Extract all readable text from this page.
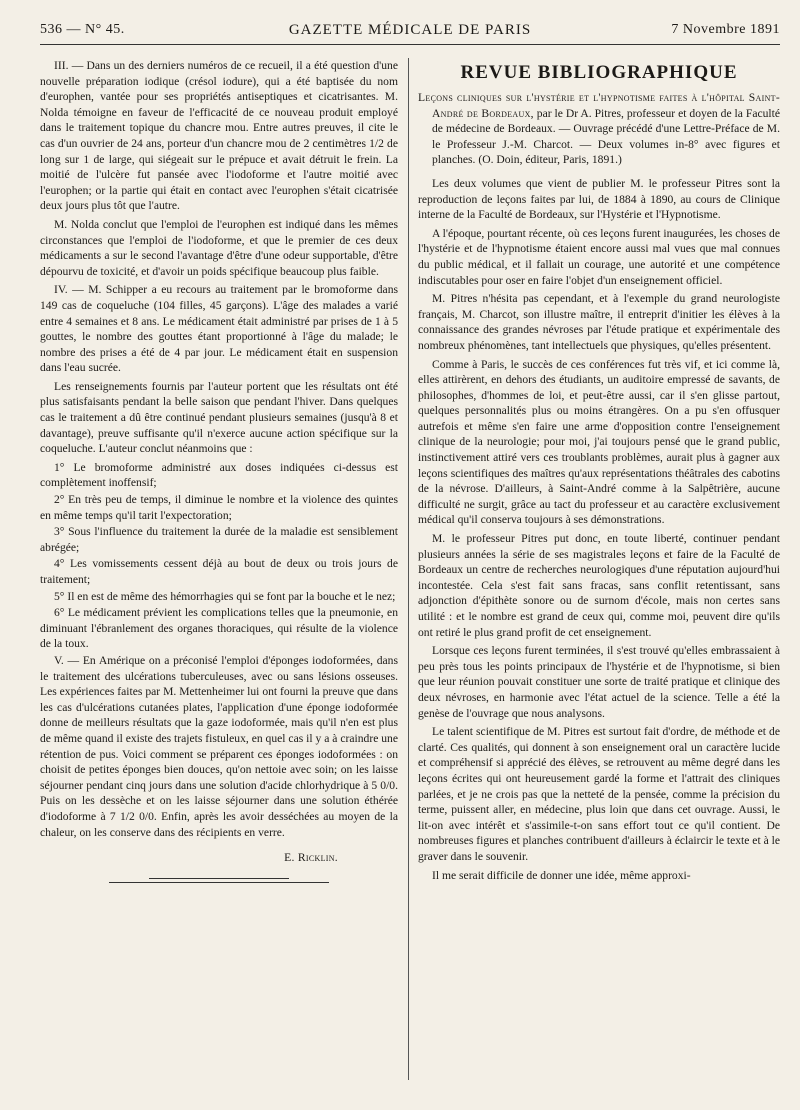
536 — N° 45.	GAZETTE MÉDICALE DE PARIS	7 Novembre 1891

III. — Dans un des derniers numéros de ce recueil, il a été question d'une nouvelle préparation iodique (crésol iodure), qui a été baptisée du nom d'europhen, vantée pour ses propriétés antiseptiques et cicatrisantes. M. Nolda témoigne en faveur de l'efficacité de ce nouveau produit employé dans le traitement topique du chancre mou. Entre autres preuves, il cite le cas d'un ouvrier de 24 ans, porteur d'un chancre mou de 2 centimètres 1/2 de long sur 1 de large, qui siégeait sur le prépuce et avait détruit le frein. La moitié de l'ulcère fut pansée avec l'iodoforme et l'autre moitié avec l'europhen; or la partie qui était en contact avec l'europhen s'était cicatrisée deux jours plus tôt que l'autre.

M. Nolda conclut que l'emploi de l'europhen est indiqué dans les mêmes circonstances que l'emploi de l'iodoforme, et que le premier de ces deux médicaments a sur le second l'avantage d'être d'une odeur supportable, d'être dépourvu de toxicité, et d'avoir un poids spécifique beaucoup plus faible.

IV. — M. Schipper a eu recours au traitement par le bromoforme dans 149 cas de coqueluche (104 filles, 45 garçons). L'âge des malades a varié entre 4 semaines et 8 ans. Le médicament était administré par prises de 1 à 5 gouttes, le nombre des gouttes étant proportionné à l'âge du malade; le nombre des prises a été de 4 par jour. Le médicament était en suspension dans l'eau sucrée.

Les renseignements fournis par l'auteur portent que les résultats ont été plus satisfaisants pendant la belle saison que pendant l'hiver. Dans quelques cas le traitement a dû être continué pendant plusieurs semaines (jusqu'à 8 et davantage), preuve suffisante qu'il n'exerce aucune action spécifique sur la coqueluche. L'auteur conclut néanmoins que :

1° Le bromoforme administré aux doses indiquées ci-dessus est complètement inoffensif;

2° En très peu de temps, il diminue le nombre et la violence des quintes en même temps qu'il tarit l'expectoration;

3° Sous l'influence du traitement la durée de la maladie est sensiblement abrégée;

4° Les vomissements cessent déjà au bout de deux ou trois jours de traitement;

5° Il en est de même des hémorrhagies qui se font par la bouche et le nez;

6° Le médicament prévient les complications telles que la pneumonie, en diminuant l'ébranlement des organes thoraciques, qui résulte de la violence de la toux.

V. — En Amérique on a préconisé l'emploi d'éponges iodoformées, dans le traitement des ulcérations tuberculeuses, avec ou sans lésions osseuses. Les expériences faites par M. Mettenheimer lui ont fourni la preuve que dans les cas d'ulcérations cutanées plates, l'application d'une éponge iodoformée donne de meilleurs résultats que la gaze iodoformée, mais qu'il n'en est plus de même quand il existe des trajets fistuleux, en quel cas il y a à craindre une rétention de pus. Voici comment se préparent ces éponges iodoformées : on choisit de petites éponges bien douces, qu'on nettoie avec soin; on les laisse séjourner pendant cinq jours dans une solution d'acide chlorhydrique à 5 0/0. Puis on les dessèche et on les laisse séjourner dans une solution éthérée d'iodoforme à 7 1/2 0/0. Enfin, après les avoir desséchées au moyen de la chaleur, on les conserve dans des récipients en verre.

E. Ricklin.

REVUE BIBLIOGRAPHIQUE

Leçons cliniques sur l'hystérie et l'hypnotisme faites à l'hôpital Saint-André de Bordeaux, par le Dr A. Pitres, professeur et doyen de la Faculté de médecine de Bordeaux. — Ouvrage précédé d'une Lettre-Préface de M. le Professeur J.-M. Charcot. — Deux volumes in-8° avec figures et planches. (O. Doin, éditeur, Paris, 1891.)

Les deux volumes que vient de publier M. le professeur Pitres sont la reproduction de leçons faites par lui, de 1884 à 1890, au cours de Clinique interne de la Faculté de Bordeaux, sur l'Hystérie et l'Hypnotisme.

A l'époque, pourtant récente, où ces leçons furent inaugurées, les choses de l'hystérie et de l'hypnotisme étaient encore aussi mal vues que mal connues du public médical, et il fallait un courage, une autorité et une compétence indiscutables pour oser en faire l'objet d'un enseignement officiel.

M. Pitres n'hésita pas cependant, et à l'exemple du grand neurologiste français, M. Charcot, son illustre maître, il entreprit d'initier les élèves à la connaissance des grandes névroses par l'étude pratique et expérimentale des nombreux phénomènes, tant intellectuels que physiques, qu'elles présentent.

Comme à Paris, le succès de ces conférences fut très vif, et ici comme là, elles attirèrent, en dehors des étudiants, un auditoire empressé de savants, de philosophes, d'hommes de loi, et peut-être aussi, car il s'en glisse partout, quelques personnalités plus ou moins étrangères. On a pu s'en offusquer autrefois et même s'en faire une arme d'opposition contre l'enseignement clinique de la neurologie; pour moi, j'ai toujours pensé que le grand public, instinctivement attiré vers ces troublants problèmes, aurait plus à gagner aux leçons scientifiques des maîtres qu'aux représentations théâtrales des cabotins de la névrose. D'ailleurs, à Saint-André comme à la Salpêtrière, aucune difficulté ne surgit, grâce au tact du professeur et au caractère exclusivement médical qu'il conserva toujours à ses démonstrations.

M. le professeur Pitres put donc, en toute liberté, continuer pendant plusieurs années la série de ses magistrales leçons et faire de la Faculté de Bordeaux un centre de recherches neurologiques d'une réputation aujourd'hui incontestée. Cela s'est fait sans fracas, sans conflit retentissant, sans adjonction d'épithète sonore ou de surnom d'école, mais non certes sans utilité : et le nombre est grand de ceux qui, comme moi, peuvent dire qu'ils ont retiré le plus grand profit de cet enseignement.

Lorsque ces leçons furent terminées, il s'est trouvé qu'elles embrassaient à peu près tous les points principaux de l'hystérie et de l'hypnotisme, si bien que leur réunion pouvait constituer une sorte de traité pratique et clinique des deux névroses, en harmonie avec l'état actuel de la science. Telle a été la genèse de l'ouvrage que nous analysons.

Le talent scientifique de M. Pitres est surtout fait d'ordre, de méthode et de clarté. Ces qualités, qui donnent à son enseignement oral un caractère lucide et compréhensif si apprécié des élèves, se retrouvent au même degré dans les leçons écrites qui ont heureusement gardé la forme et l'attrait des cliniques parlées, et je ne crois pas que la netteté de la pensée, comme la précision du terme, puissent aller, en médecine, plus loin que dans cet ouvrage. Aussi, le lit-on avec intérêt et s'assimile-t-on sans effort tout ce qu'il contient. De nombreuses figures et planches contribuent d'ailleurs à éclaircir le texte et à le graver dans le souvenir.

Il me serait difficile de donner une idée, même approxi-
